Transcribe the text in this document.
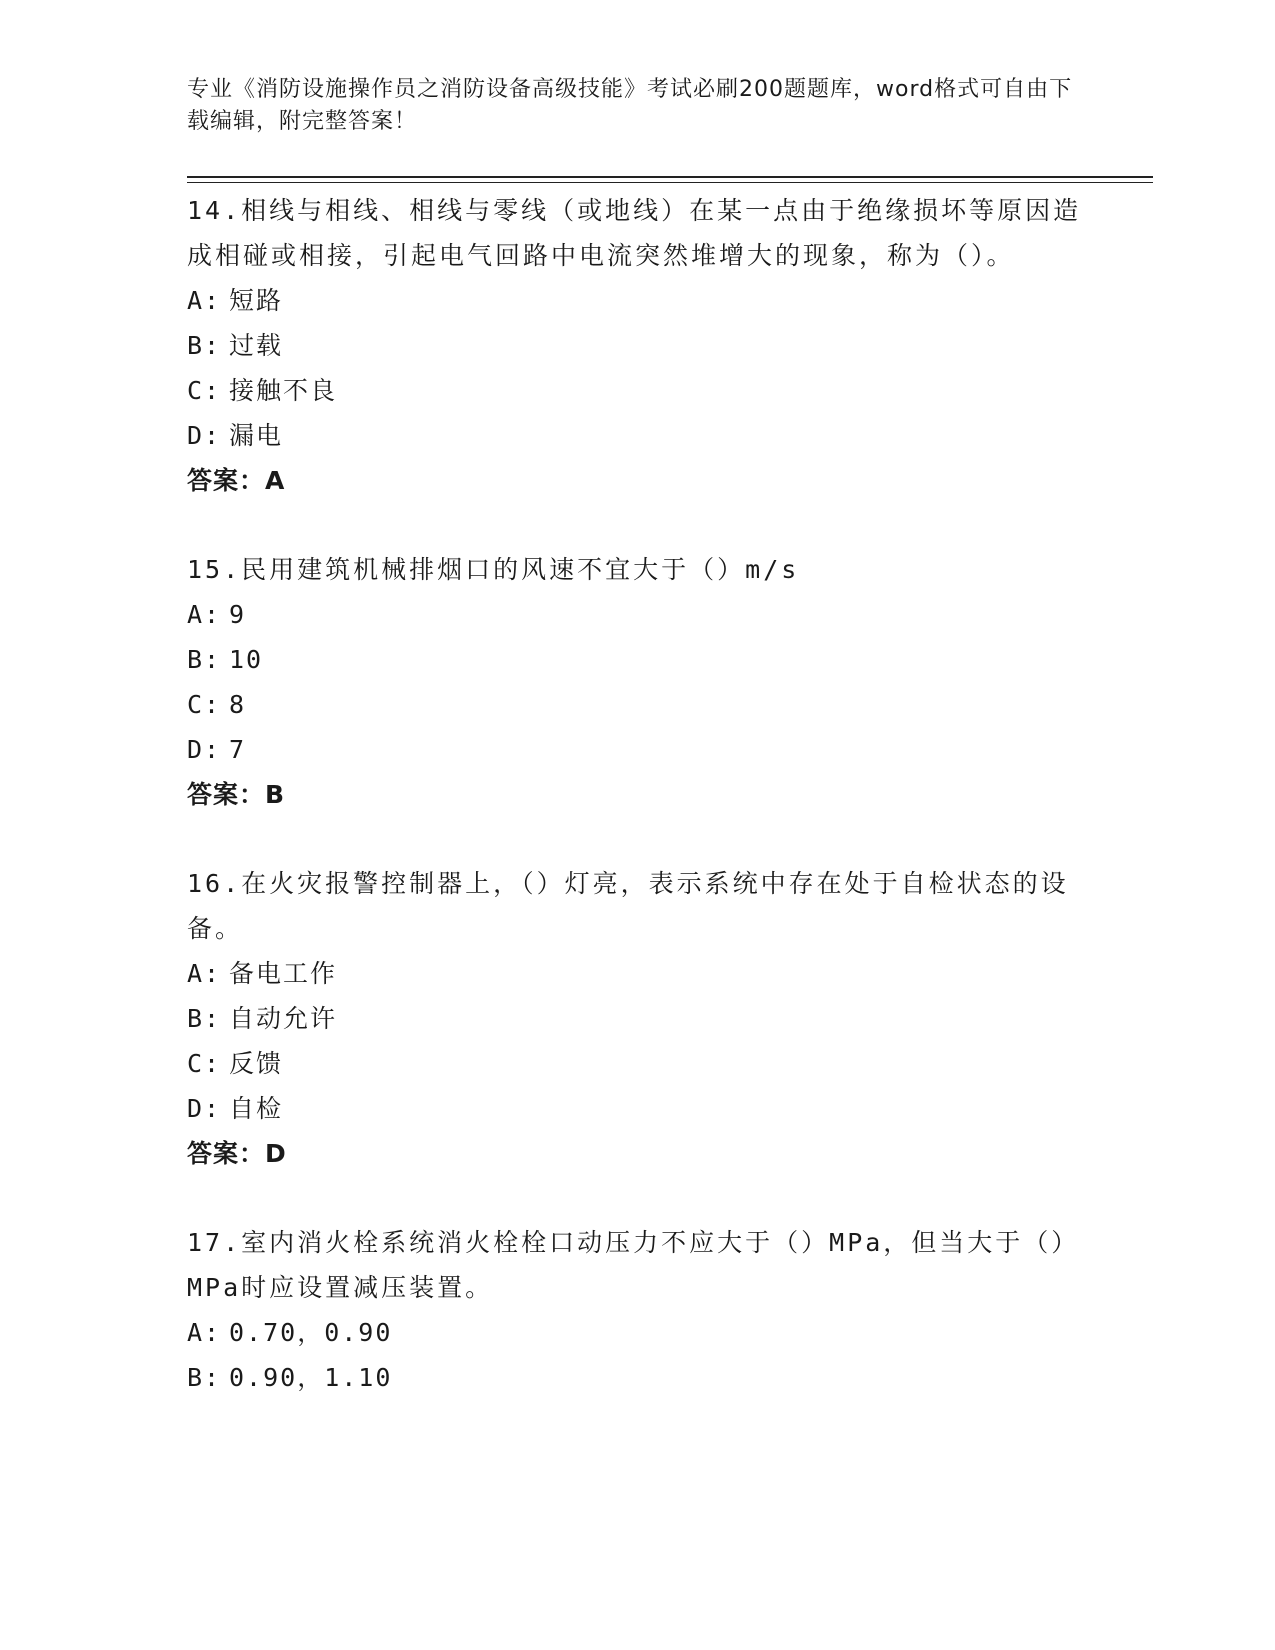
专业《消防设施操作员之消防设备高级技能》考试必刷200题题库，word格式可自由下载编辑，附完整答案！
14.相线与相线、相线与零线（或地线）在某一点由于绝缘损坏等原因造成相碰或相接，引起电气回路中电流突然堆增大的现象，称为（）。
A: 短路
B: 过载
C: 接触不良
D: 漏电
答案：A
15.民用建筑机械排烟口的风速不宜大于（）m/s
A: 9
B: 10
C: 8
D: 7
答案：B
16.在火灾报警控制器上，（）灯亮，表示系统中存在处于自检状态的设备。
A: 备电工作
B: 自动允许
C: 反馈
D: 自检
答案：D
17.室内消火栓系统消火栓栓口动压力不应大于（）MPa，但当大于（）MPa时应设置减压装置。
A: 0.70，0.90
B: 0.90，1.10
